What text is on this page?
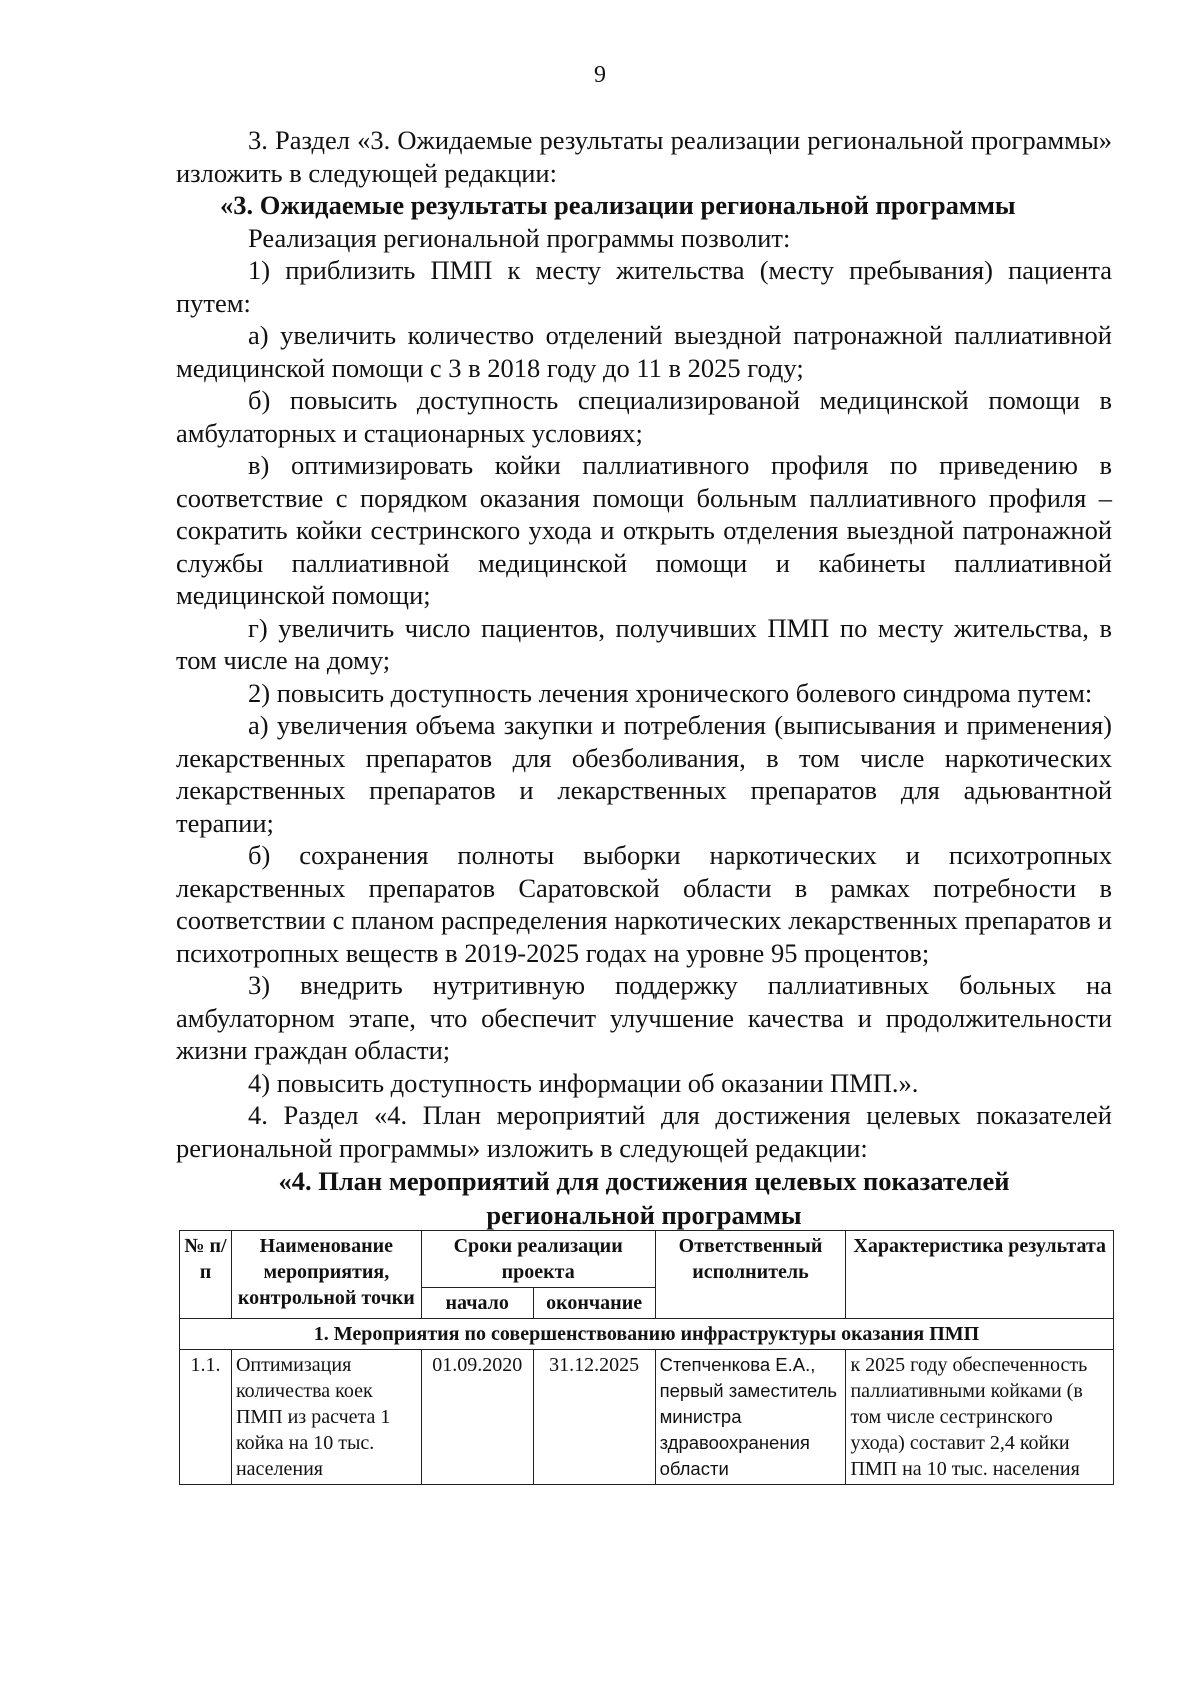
9

3. Раздел «3. Ожидаемые результаты реализации региональной программы» изложить в следующей редакции:

«3. Ожидаемые результаты реализации региональной программы

Реализация региональной программы позволит:

1) приблизить ПМП к месту жительства (месту пребывания) пациента путем:

а) увеличить количество отделений выездной патронажной паллиативной медицинской помощи с 3 в 2018 году до 11 в 2025 году;

б) повысить доступность специализированой медицинской помощи в амбулаторных и стационарных условиях;

в) оптимизировать койки паллиативного профиля по приведению в соответствие с порядком оказания помощи больным паллиативного профиля – сократить койки сестринского ухода и открыть отделения выездной патронажной службы паллиативной медицинской помощи и кабинеты паллиативной медицинской помощи;

г) увеличить число пациентов, получивших ПМП по месту жительства, в том числе на дому;

2) повысить доступность лечения хронического болевого синдрома путем:

а) увеличения объема закупки и потребления (выписывания и применения) лекарственных препаратов для обезболивания, в том числе наркотических лекарственных препаратов и лекарственных препаратов для адьювантной терапии;

б) сохранения полноты выборки наркотических и психотропных лекарственных препаратов Саратовской области в рамках потребности в соответствии с планом распределения наркотических лекарственных препаратов и психотропных веществ в 2019-2025 годах на уровне 95 процентов;

3) внедрить нутритивную поддержку паллиативных больных на амбулаторном этапе, что обеспечит улучшение качества и продолжительности жизни граждан области;

4) повысить доступность информации об оказании ПМП.».

4. Раздел «4. План мероприятий для достижения целевых показателей региональной программы» изложить в следующей редакции:

«4. План мероприятий для достижения целевых показателей

региональной программы

№ п/п	Наименование мероприятия, контрольной точки	Сроки реализации проекта		Ответственный исполнитель	Характеристика результата
		начало	окончание		
1. Мероприятия по совершенствованию инфраструктуры оказания ПМП					
1.1.	Оптимизация количества коек ПМП из расчета 1 койка на 10 тыс. населения	01.09.2020	31.12.2025	Степченкова Е.А., первый заместитель министра здравоохранения области	к 2025 году обеспеченность паллиативными койками (в том числе сестринского ухода) составит 2,4 койки ПМП на 10 тыс. населения
